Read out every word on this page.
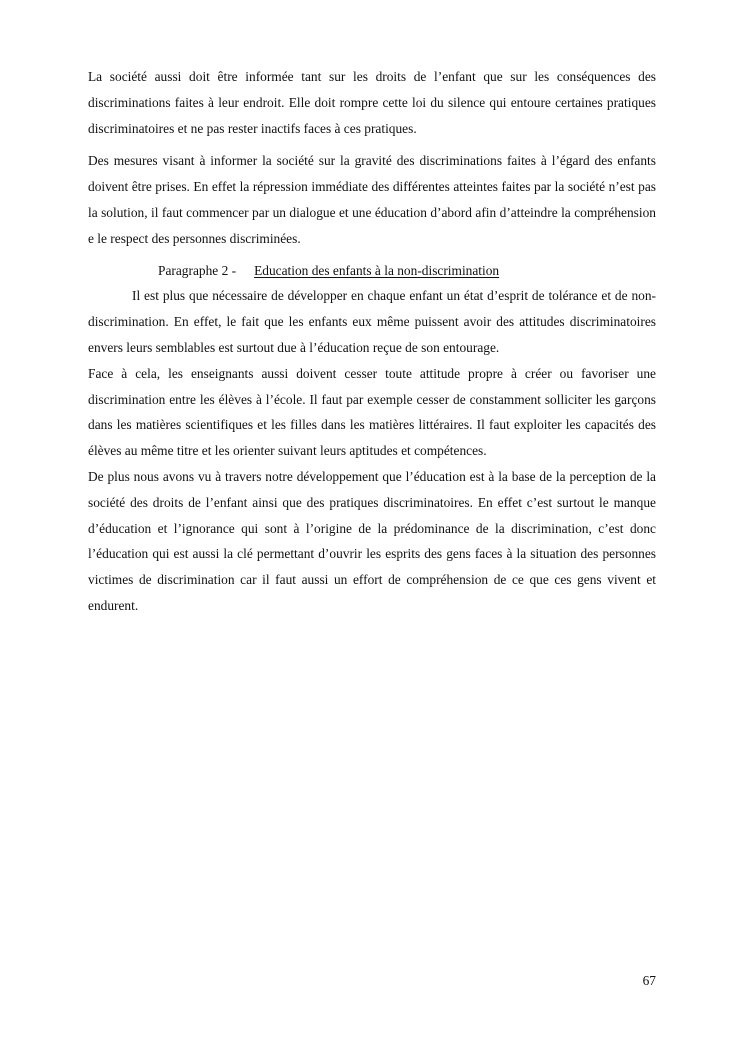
La société aussi doit être informée tant sur les droits de l’enfant que sur les conséquences des discriminations faites à leur endroit. Elle doit rompre cette loi du silence qui entoure certaines pratiques discriminatoires et ne pas rester inactifs faces à ces pratiques.

Des mesures visant à informer la société sur la gravité des discriminations faites à l’égard des enfants doivent être prises. En effet la répression immédiate des différentes atteintes faites par la société n’est pas la solution, il faut commencer par un dialogue et une éducation d’abord afin d’atteindre la compréhension e le respect des personnes discriminées.

Paragraphe 2 - Education des enfants à la non-discrimination

Il est plus que nécessaire de développer en chaque enfant un état d’esprit de tolérance et de non-discrimination. En effet, le fait que les enfants eux même puissent avoir des attitudes discriminatoires envers leurs semblables est surtout due à l’éducation reçue de son entourage.

Face à cela, les enseignants aussi doivent cesser toute attitude propre à créer ou favoriser une discrimination entre les élèves à l’école. Il faut par exemple cesser de constamment solliciter les garçons dans les matières scientifiques et les filles dans les matières littéraires. Il faut exploiter les capacités des élèves au même titre et les orienter suivant leurs aptitudes et compétences.

De plus nous avons vu à travers notre développement que l’éducation est à la base de la perception de la société des droits de l’enfant ainsi que des pratiques discriminatoires. En effet c’est surtout le manque d’éducation et l’ignorance qui sont à l’origine de la prédominance de la discrimination, c’est donc l’éducation qui est aussi la clé permettant d’ouvrir les esprits des gens faces à la situation des personnes victimes de discrimination car il faut aussi un effort de compréhension de ce que ces gens vivent et endurent.

67
